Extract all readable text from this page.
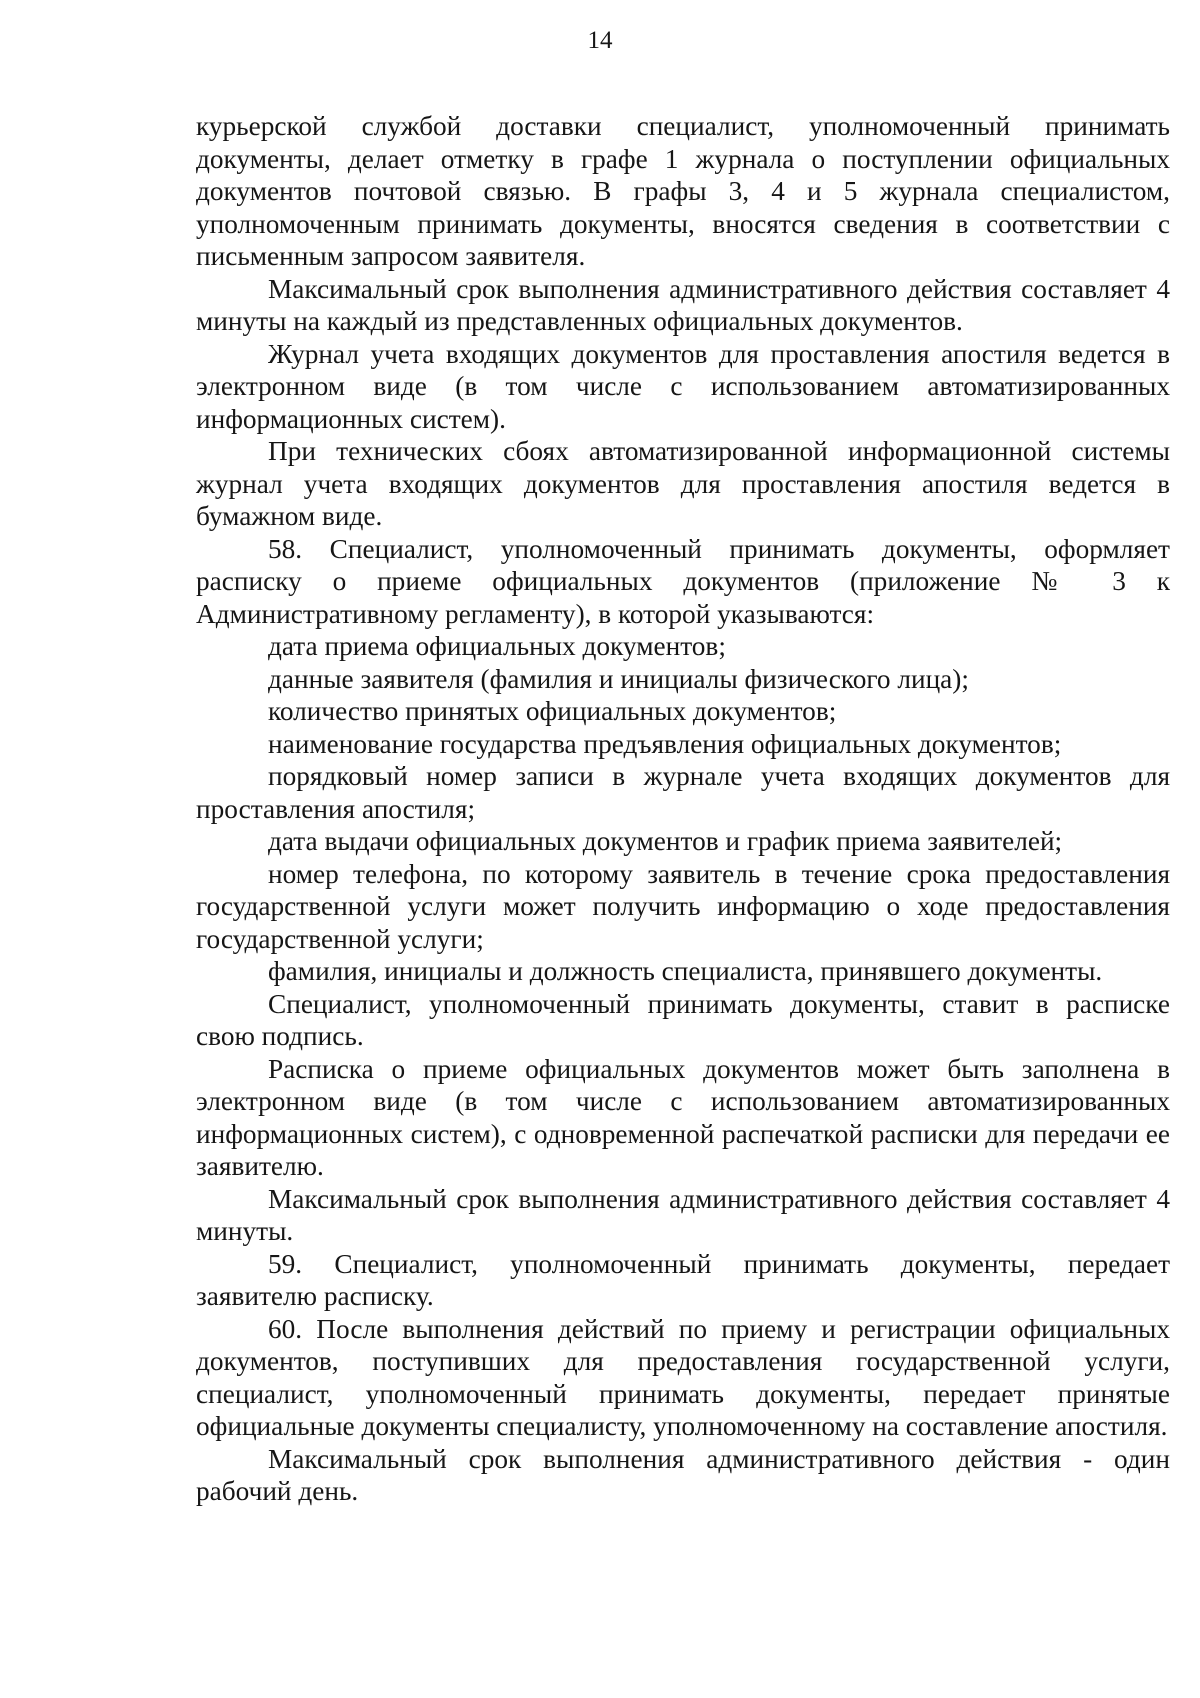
14

курьерской службой доставки специалист, уполномоченный принимать документы, делает отметку в графе 1 журнала о поступлении официальных документов почтовой связью. В графы 3, 4 и 5 журнала специалистом, уполномоченным принимать документы, вносятся сведения в соответствии с письменным запросом заявителя.

Максимальный срок выполнения административного действия составляет 4 минуты на каждый из представленных официальных документов.

Журнал учета входящих документов для проставления апостиля ведется в электронном виде (в том числе с использованием автоматизированных информационных систем).

При технических сбоях автоматизированной информационной системы журнал учета входящих документов для проставления апостиля ведется в бумажном виде.

58. Специалист, уполномоченный принимать документы, оформляет расписку о приеме официальных документов (приложение № 3 к Административному регламенту), в которой указываются:

дата приема официальных документов;

данные заявителя (фамилия и инициалы физического лица);

количество принятых официальных документов;

наименование государства предъявления официальных документов;

порядковый номер записи в журнале учета входящих документов для проставления апостиля;

дата выдачи официальных документов и график приема заявителей;

номер телефона, по которому заявитель в течение срока предоставления государственной услуги может получить информацию о ходе предоставления государственной услуги;

фамилия, инициалы и должность специалиста, принявшего документы.

Специалист, уполномоченный принимать документы, ставит в расписке свою подпись.

Расписка о приеме официальных документов может быть заполнена в электронном виде (в том числе с использованием автоматизированных информационных систем), с одновременной распечаткой расписки для передачи ее заявителю.

Максимальный срок выполнения административного действия составляет 4 минуты.

59. Специалист, уполномоченный принимать документы, передает заявителю расписку.

60. После выполнения действий по приему и регистрации официальных документов, поступивших для предоставления государственной услуги, специалист, уполномоченный принимать документы, передает принятые официальные документы специалисту, уполномоченному на составление апостиля.

Максимальный срок выполнения административного действия - один рабочий день.
